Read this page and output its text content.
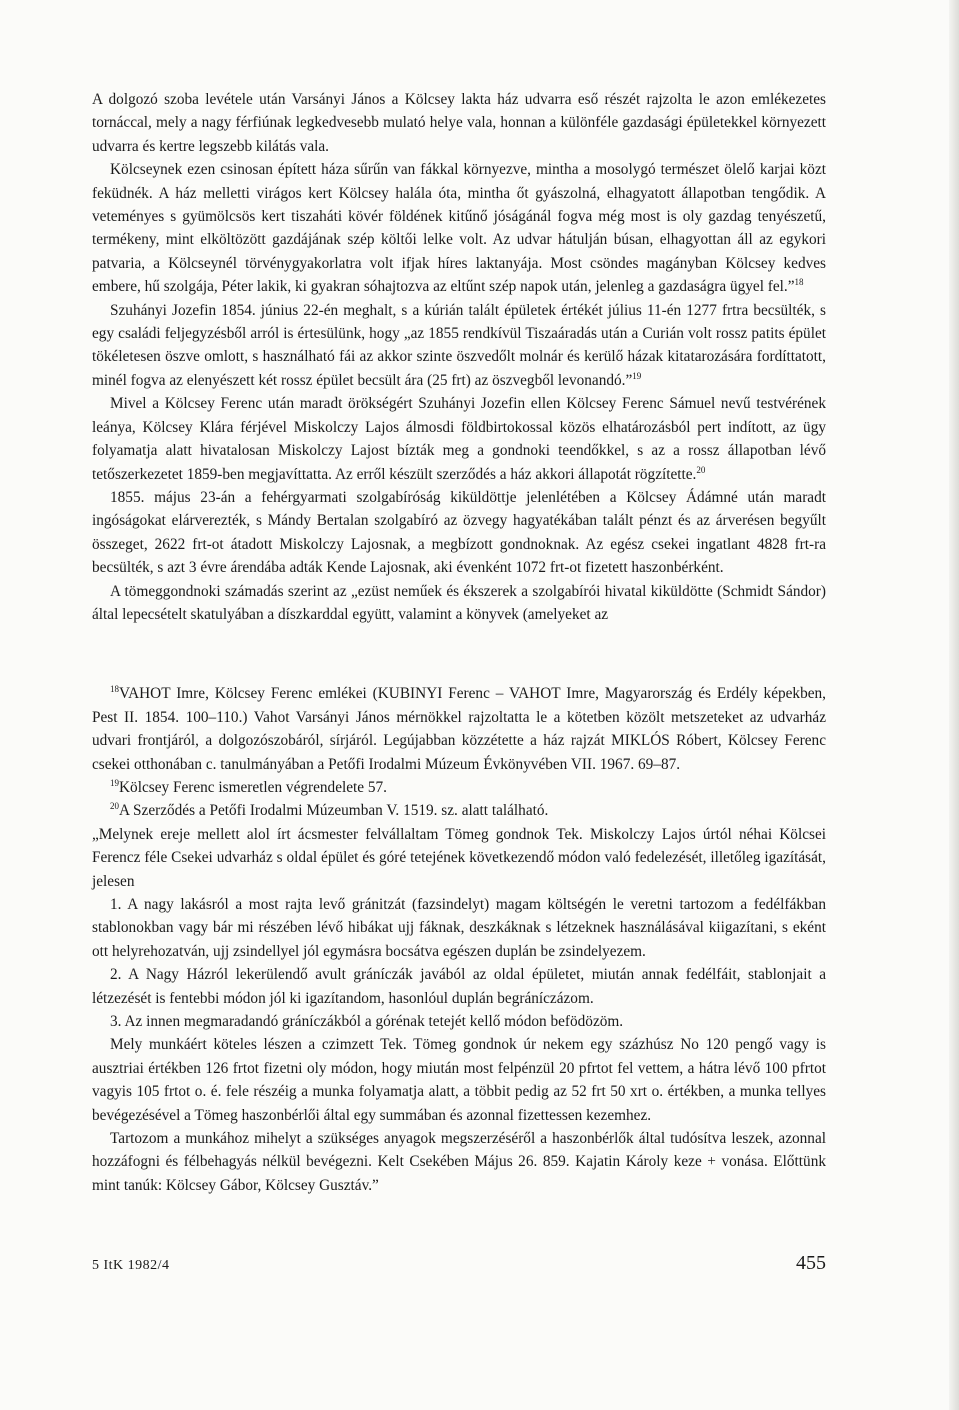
A dolgozó szoba levétele után Varsányi János a Kölcsey lakta ház udvarra eső részét rajzolta le azon emlékezetes tornáccal, mely a nagy férfiúnak legkedvesebb mulató helye vala, honnan a különféle gazdasági épületekkel környezett udvarra és kertre legszebb kilátás vala.

Kölcseynek ezen csinosan épített háza sűrűn van fákkal környezve, mintha a mosolygó természet ölelő karjai közt feküdnék. A ház melletti virágos kert Kölcsey halála óta, mintha őt gyászolná, elhagyatott állapotban tengődik. A veteményes s gyümölcsös kert tiszaháti kövér földének kitűnő jóságánál fogva még most is oly gazdag tenyészetű, termékeny, mint elköltözött gazdájának szép költői lelke volt. Az udvar hátulján búsan, elhagyottan áll az egykori patvaria, a Kölcseynél törvénygyakorlatra volt ifjak híres laktanyája. Most csöndes magányban Kölcsey kedves embere, hű szolgája, Péter lakik, ki gyakran sóhajtozva az eltűnt szép napok után, jelenleg a gazdaságra ügyel fel.”$^{18}$

Szuhányi Jozefin 1854. június 22-én meghalt, s a kúrián talált épületek értékét július 11-én 1277 frtra becsülték, s egy családi feljegyzésből arról is értesülünk, hogy „az 1855 rendkívül Tiszaáradás után a Curián volt rossz patits épület tökéletesen öszve omlott, s használható fái az akkor szinte öszvedőlt molnár és kerülő házak kitatarozására fordíttatott, minél fogva az elenyészett két rossz épület becsült ára (25 frt) az öszvegből levonandó.”$^{19}$

Mivel a Kölcsey Ferenc után maradt örökségért Szuhányi Jozefin ellen Kölcsey Ferenc Sámuel nevű testvérének leánya, Kölcsey Klára férjével Miskolczy Lajos álmosdi földbirtokossal közös elhatározásból pert indított, az ügy folyamatja alatt hivatalosan Miskolczy Lajost bízták meg a gondnoki teendőkkel, s az a rossz állapotban lévő tetőszerkezetet 1859-ben megjavíttatta. Az erről készült szerződés a ház akkori állapotát rögzítette.$^{20}$

1855. május 23-án a fehérgyarmati szolgabíróság kiküldöttje jelenlétében a Kölcsey Ádámné után maradt ingóságokat elárverezték, s Mándy Bertalan szolgabíró az özvegy hagyatékában talált pénzt és az árverésen begyűlt összeget, 2622 frt-ot átadott Miskolczy Lajosnak, a megbízott gondnoknak. Az egész csekei ingatlant 4828 frt-ra becsülték, s azt 3 évre árendába adták Kende Lajosnak, aki évenként 1072 frt-ot fizetett haszonbérként.

A tömeggondnoki számadás szerint az „ezüst neműek és ékszerek a szolgabírói hivatal kiküldötte (Schmidt Sándor) által lepecsételt skatulyában a díszkarddal együtt, valamint a könyvek (amelyeket az

$^{18}$VAHOT Imre, Kölcsey Ferenc emlékei (KUBINYI Ferenc – VAHOT Imre, Magyarország és Erdély képekben, Pest II. 1854. 100–110.) Vahot Varsányi János mérnökkel rajzoltatta le a kötetben közölt metszeteket az udvarház udvari frontjáról, a dolgozószobáról, sírjáról. Legújabban közzétette a ház rajzát MIKLÓS Róbert, Kölcsey Ferenc csekei otthonában c. tanulmányában a Petőfi Irodalmi Múzeum Évkönyvében VII. 1967. 69–87.

$^{19}$Kölcsey Ferenc ismeretlen végrendelete 57.

$^{20}$A Szerződés a Petőfi Irodalmi Múzeumban V. 1519. sz. alatt található.

„Melynek ereje mellett alol írt ácsmester felvállaltam Tömeg gondnok Tek. Miskolczy Lajos úrtól néhai Kölcsei Ferencz féle Csekei udvarház s oldal épület és góré tetejének következendő módon való fedelezését, illetőleg igazítását, jelesen

1. A nagy lakásról a most rajta levő gránitzát (fazsindelyt) magam költségén le veretni tartozom a fedélfákban stablonokban vagy bár mi részében lévő hibákat ujj fáknak, deszkáknak s létzeknek használásával kiigazítani, s eként ott helyrehozatván, ujj zsindellyel jól egymásra bocsátva egészen duplán be zsindelyezem.

2. A Nagy Házról lekerülendő avult gráníczák javából az oldal épületet, miután annak fedélfáit, stablonjait a létzezését is fentebbi módon jól ki igazítandom, hasonlóul duplán begráníczázom.

3. Az innen megmaradandó gráníczákból a górénak tetejét kellő módon befödözöm.

Mely munkáért köteles lészen a czimzett Tek. Tömeg gondnok úr nekem egy százhúsz No 120 pengő vagy is ausztriai értékben 126 frtot fizetni oly módon, hogy miután most felpénzül 20 pfrtot fel vettem, a hátra lévő 100 pfrtot vagyis 105 frtot o. é. fele részéig a munka folyamatja alatt, a többit pedig az 52 frt 50 xrt o. értékben, a munka tellyes bevégezésével a Tömeg haszonbérlői által egy summában és azonnal fizettessen kezemhez.

Tartozom a munkához mihelyt a szükséges anyagok megszerzéséről a haszonbérlők által tudósítva leszek, azonnal hozzáfogni és félbehagyás nélkül bevégezni. Kelt Csekében Május 26. 859. Kajatin Károly keze + vonása. Előttünk mint tanúk: Kölcsey Gábor, Kölcsey Gusztáv.”

5 ItK 1982/4	455
